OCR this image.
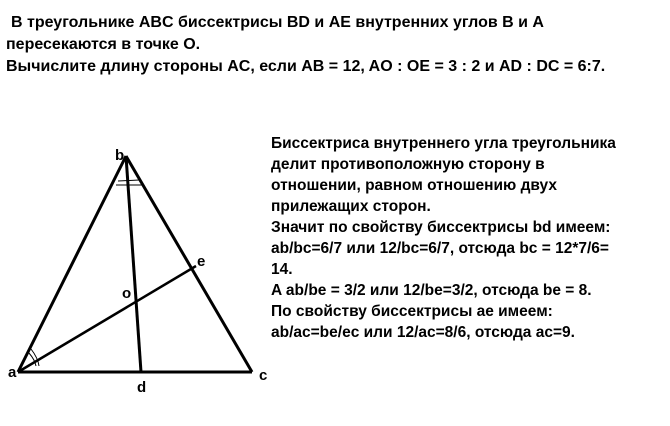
В треугольнике ABC биссектрисы BD и AE внутренних углов В и А
пересекаются в точке О.
Вычислите длину стороны AC, если AB = 12, AO : OE = 3 : 2 и AD : DC = 6:7.
a
b
c
d
e
o
Биссектриса внутреннего угла треугольника
делит противоположную сторону в
отношении, равном отношению двух
прилежащих сторон.
Значит по свойству биссектрисы bd имеем:
ab/bc=6/7 или 12/bc=6/7, отсюда bc = 12*7/6=
14.
A ab/be = 3/2 или 12/be=3/2, отсюда be = 8.
По свойству биссектрисы ae имеем:
ab/ac=be/ec или 12/ac=8/6, отсюда ac=9.
